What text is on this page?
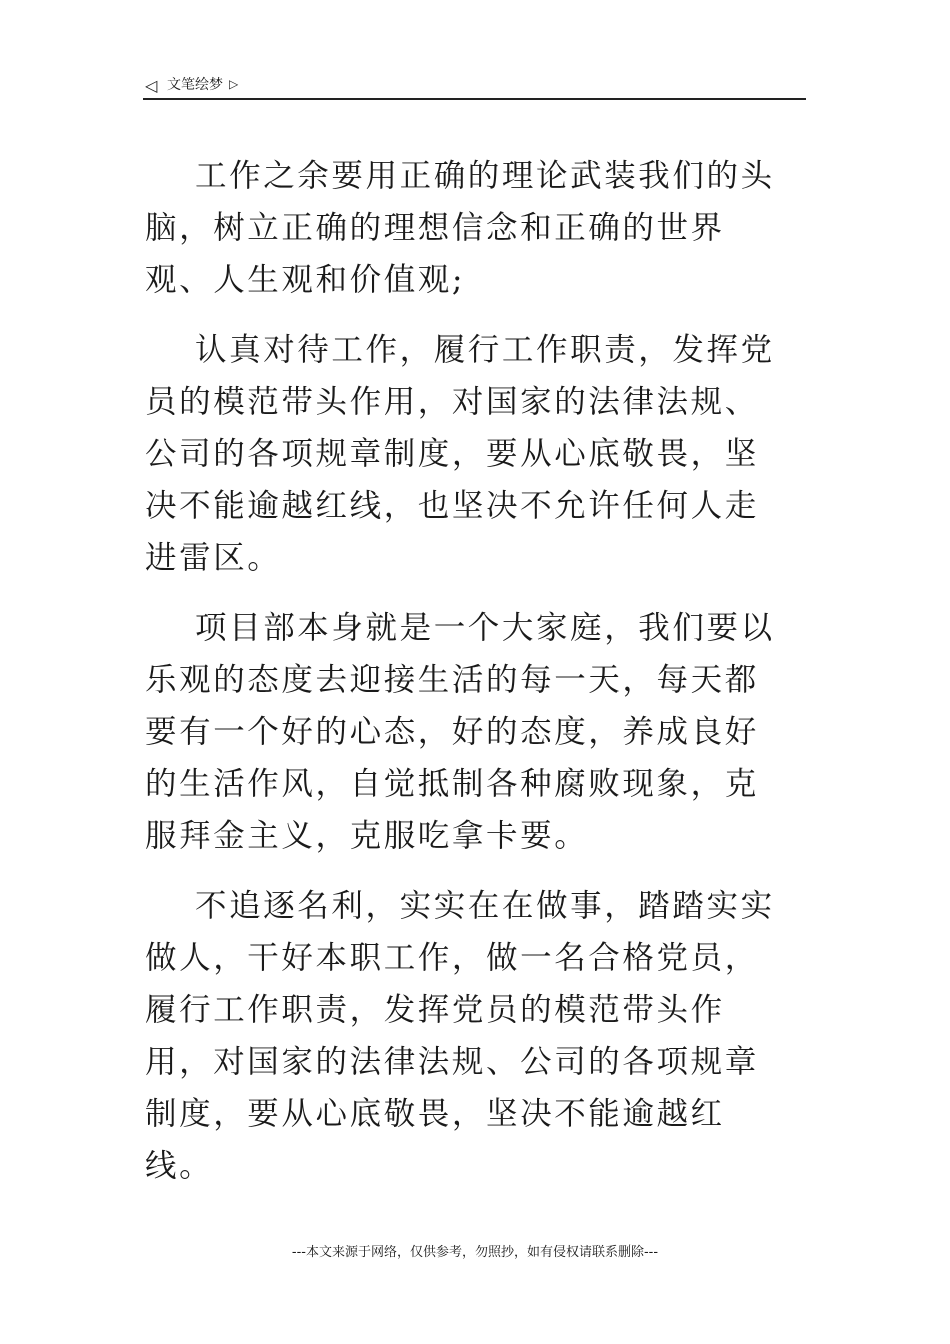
◁ 文笔绘梦 ▷

工作之余要用正确的理论武装我们的头脑，树立正确的理想信念和正确的世界观、人生观和价值观;

认真对待工作，履行工作职责，发挥党员的模范带头作用，对国家的法律法规、公司的各项规章制度，要从心底敬畏，坚决不能逾越红线，也坚决不允许任何人走进雷区。

项目部本身就是一个大家庭，我们要以乐观的态度去迎接生活的每一天，每天都要有一个好的心态，好的态度，养成良好的生活作风，自觉抵制各种腐败现象，克服拜金主义，克服吃拿卡要。

不追逐名利，实实在在做事，踏踏实实做人，干好本职工作，做一名合格党员，履行工作职责，发挥党员的模范带头作用，对国家的法律法规、公司的各项规章制度，要从心底敬畏，坚决不能逾越红线。

---本文来源于网络，仅供参考，勿照抄，如有侵权请联系删除---
